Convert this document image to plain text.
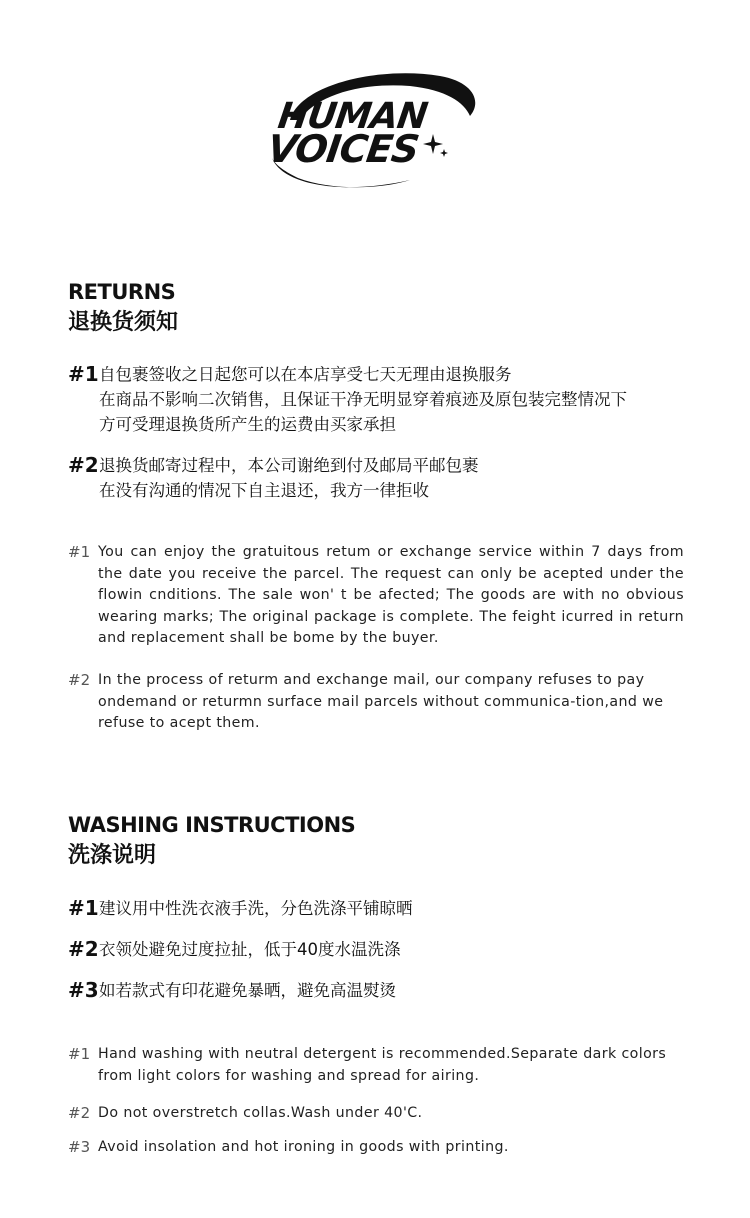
HUMAN
VOICES
RETURNS
退换货须知
#1 自包裹签收之日起您可以在本店享受七天无理由退换服务
在商品不影响二次销售，且保证干净无明显穿着痕迹及原包装完整情况下
方可受理退换货所产生的运费由买家承担
#2 退换货邮寄过程中，本公司谢绝到付及邮局平邮包裹
在没有沟通的情况下自主退还，我方一律拒收
#1 You can enjoy the gratuitous retum or exchange service within 7 days from the date you receive the parcel. The request can only be acepted under the flowin cnditions. The sale won' t be afected; The goods are with no obvious wearing marks; The original package is complete. The feight icurred in return and replacement shall be bome by the buyer.
#2 In the process of returm and exchange mail, our company refuses to pay ondemand or returmn surface mail parcels without communica-tion,and we refuse to acept them.
WASHING INSTRUCTIONS
洗涤说明
#1 建议用中性洗衣液手洗，分色洗涤平铺晾晒
#2 衣领处避免过度拉扯，低于40度水温洗涤
#3 如若款式有印花避免暴晒，避免高温熨烫
#1 Hand washing with neutral detergent is recommended.Separate dark colors from light colors for washing and spread for airing.
#2 Do not overstretch collas.Wash under 40'C.
#3 Avoid insolation and hot ironing in goods with printing.
